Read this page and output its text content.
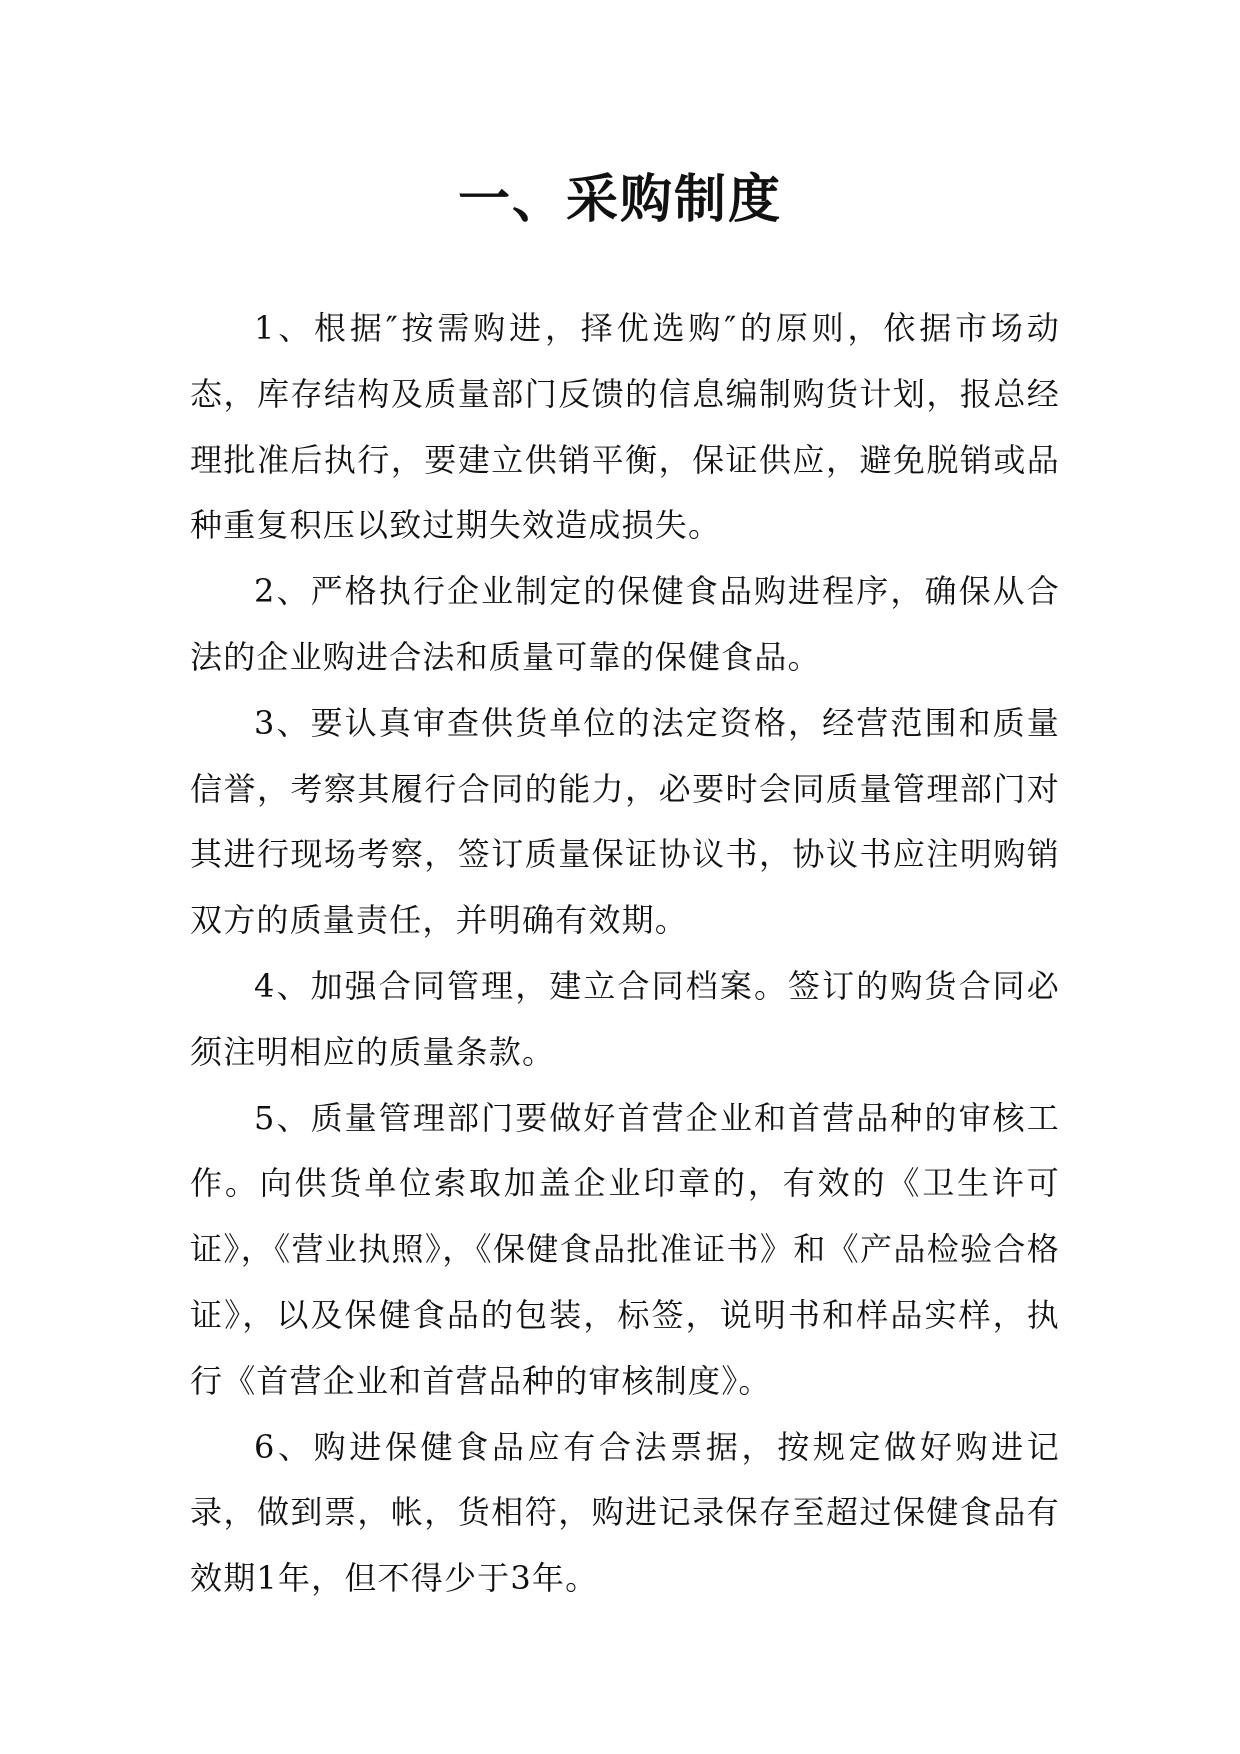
一、采购制度

1、根据″按需购进，择优选购″的原则，依据市场动态，库存结构及质量部门反馈的信息编制购货计划，报总经理批准后执行，要建立供销平衡，保证供应，避免脱销或品种重复积压以致过期失效造成损失。

2、严格执行企业制定的保健食品购进程序，确保从合法的企业购进合法和质量可靠的保健食品。

3、要认真审查供货单位的法定资格，经营范围和质量信誉，考察其履行合同的能力，必要时会同质量管理部门对其进行现场考察，签订质量保证协议书，协议书应注明购销双方的质量责任，并明确有效期。

4、加强合同管理，建立合同档案。签订的购货合同必须注明相应的质量条款。

5、质量管理部门要做好首营企业和首营品种的审核工作。向供货单位索取加盖企业印章的，有效的《卫生许可证》，《营业执照》，《保健食品批准证书》和《产品检验合格证》，以及保健食品的包装，标签，说明书和样品实样，执行《首营企业和首营品种的审核制度》。

6、购进保健食品应有合法票据，按规定做好购进记录，做到票，帐，货相符，购进记录保存至超过保健食品有效期1年，但不得少于3年。
